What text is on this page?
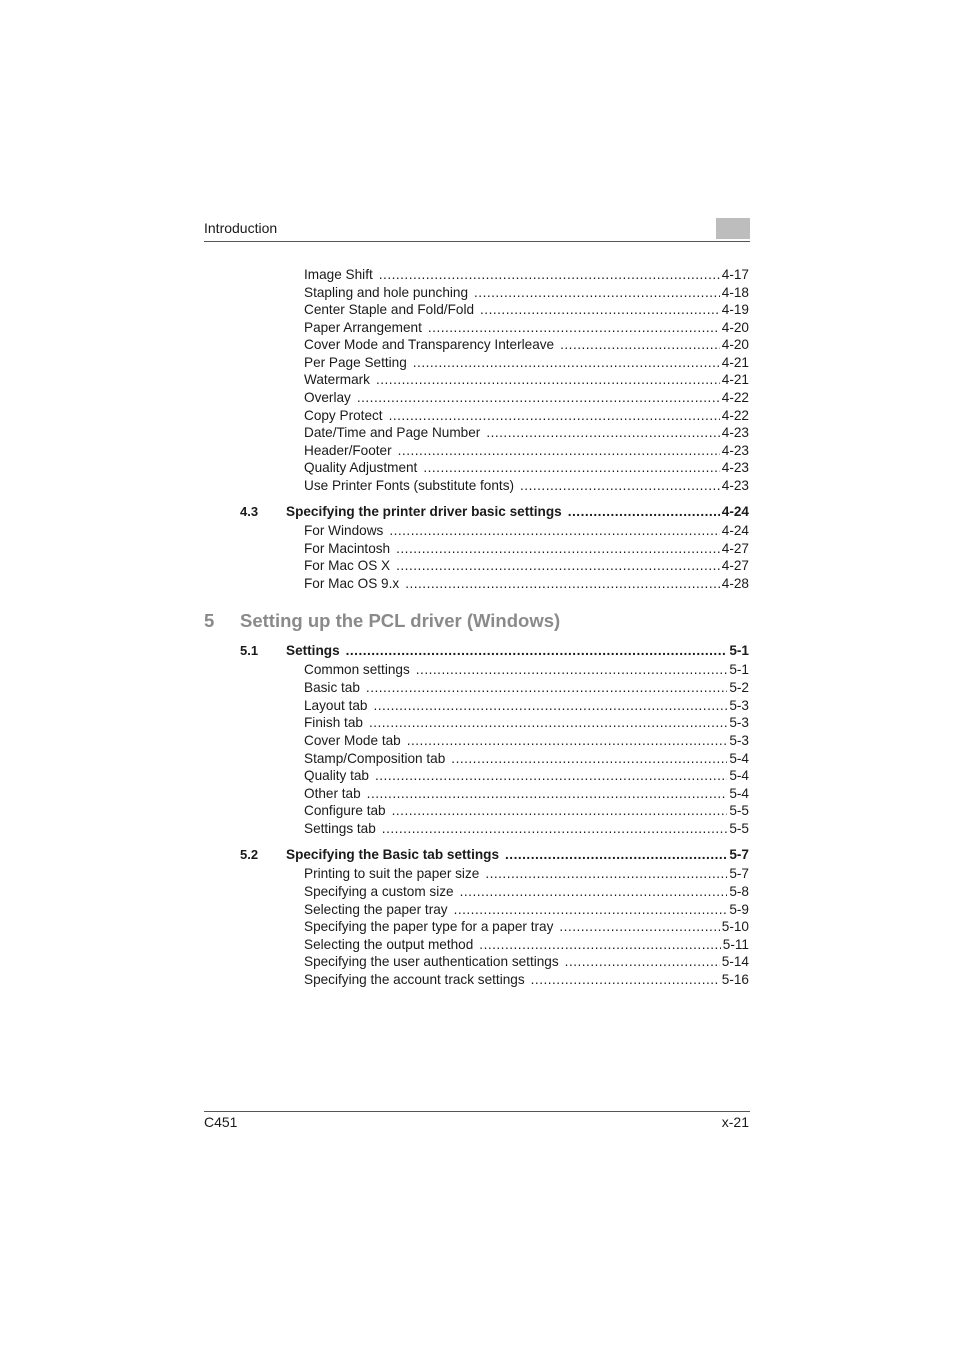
Introduction
Image Shift .....	4-17
Stapling and hole punching .....	4-18
Center Staple and Fold/Fold .....	4-19
Paper Arrangement .....	4-20
Cover Mode and Transparency Interleave .....	4-20
Per Page Setting .....	4-21
Watermark .....	4-21
Overlay .....	4-22
Copy Protect .....	4-22
Date/Time and Page Number .....	4-23
Header/Footer .....	4-23
Quality Adjustment .....	4-23
Use Printer Fonts (substitute fonts) .....	4-23
4.3	Specifying the printer driver basic settings .....	4-24
For Windows .....	4-24
For Macintosh .....	4-27
For Mac OS X .....	4-27
For Mac OS 9.x .....	4-28
5	Setting up the PCL driver (Windows)
5.1	Settings .....	5-1
Common settings .....	5-1
Basic tab .....	5-2
Layout tab .....	5-3
Finish tab .....	5-3
Cover Mode tab .....	5-3
Stamp/Composition tab .....	5-4
Quality tab .....	5-4
Other tab .....	5-4
Configure tab .....	5-5
Settings tab .....	5-5
5.2	Specifying the Basic tab settings .....	5-7
Printing to suit the paper size .....	5-7
Specifying a custom size .....	5-8
Selecting the paper tray .....	5-9
Specifying the paper type for a paper tray .....	5-10
Selecting the output method .....	5-11
Specifying the user authentication settings .....	5-14
Specifying the account track settings .....	5-16
C451	x-21
